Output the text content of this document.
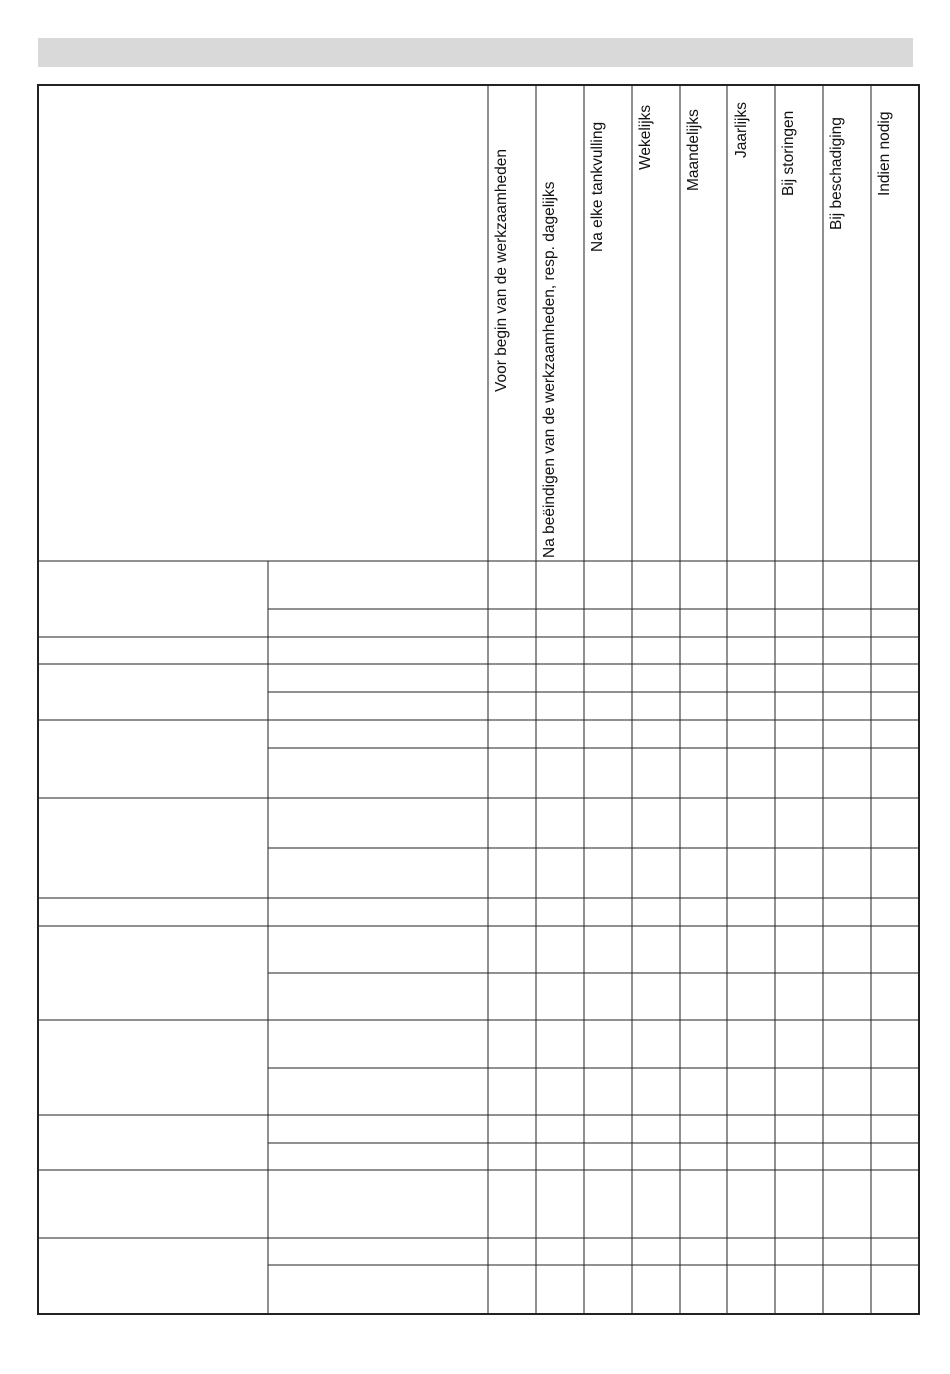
Voor begin van de werkzaamheden Na beëindigen van de werkzaamheden, resp. dagelijks Na elke tankvulling Wekelijks Maandelijks Jaarlijks Bij storingen Bij beschadiging Indien nodig
